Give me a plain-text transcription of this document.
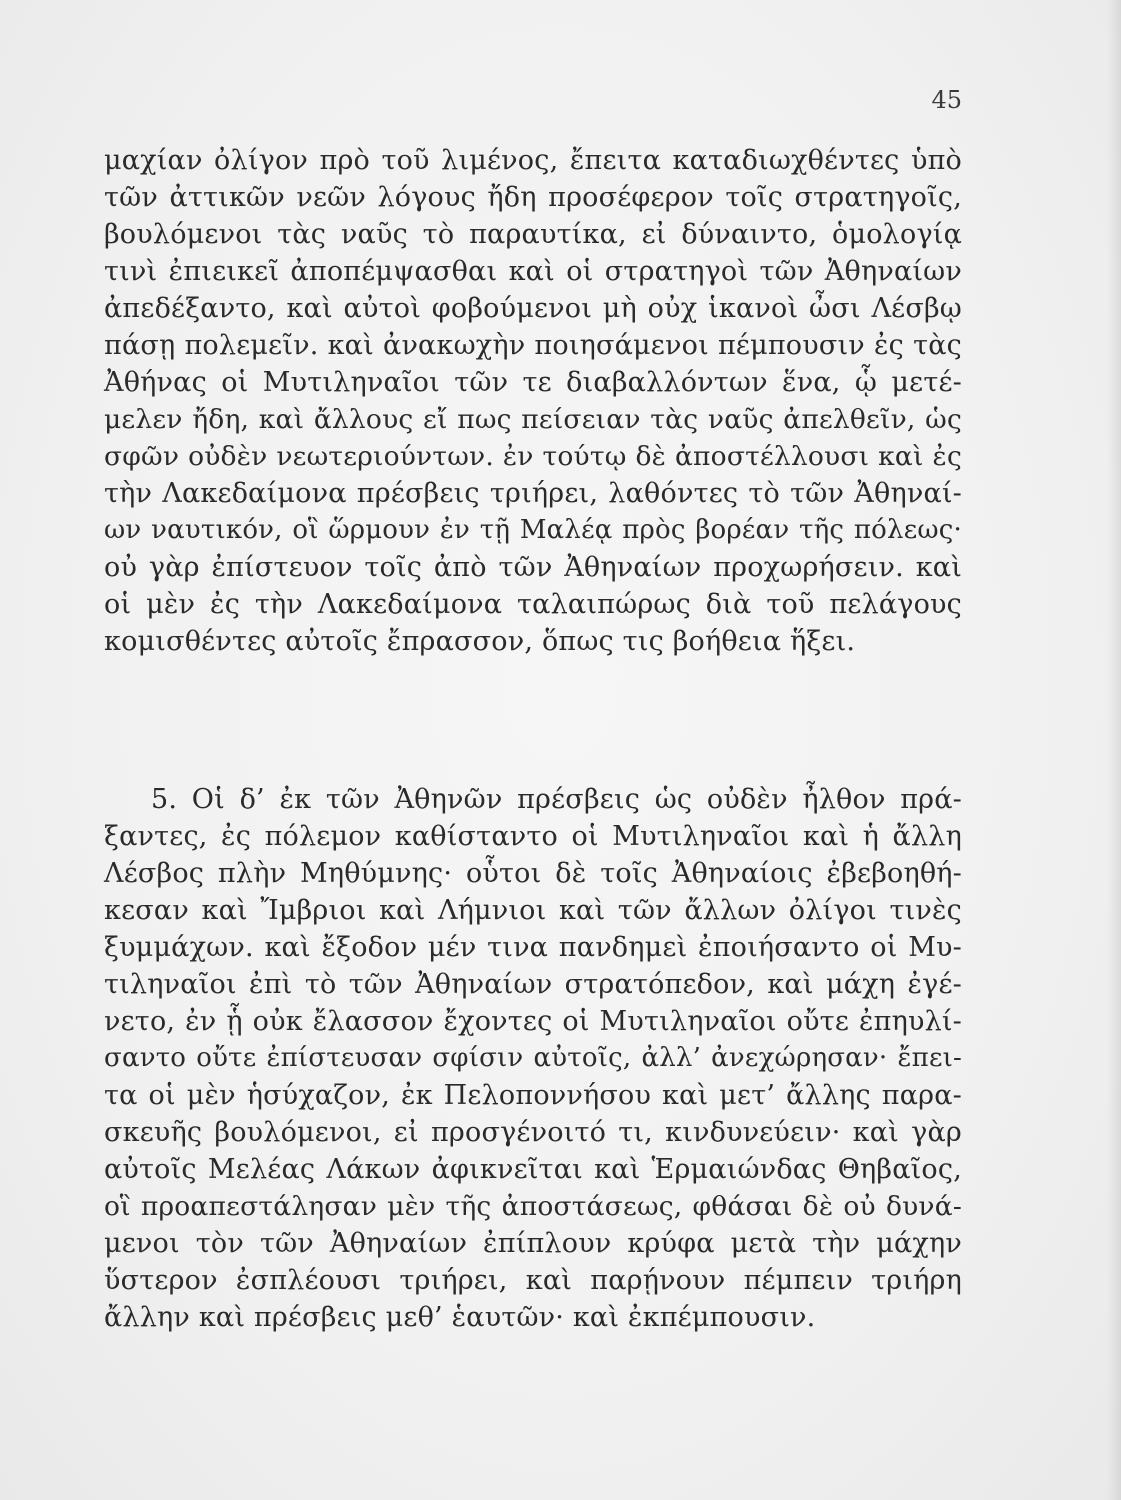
45

μαχίαν ὀλίγον πρὸ τοῦ λιμένος, ἔπειτα καταδιωχθέντες ὑπὸ

τῶν ἀττικῶν νεῶν λόγους ἤδη προσέφερον τοῖς στρατηγοῖς,

βουλόμενοι τὰς ναῦς τὸ παραυτίκα, εἰ δύναιντο, ὁμολογίᾳ

τινὶ ἐπιεικεῖ ἀποπέμψασθαι καὶ οἱ στρατηγοὶ τῶν Ἀθηναίων

ἀπεδέξαντο, καὶ αὐτοὶ φοβούμενοι μὴ οὐχ ἱκανοὶ ὦσι Λέσβῳ

πάσῃ πολεμεῖν. καὶ ἀνακωχὴν ποιησάμενοι πέμπουσιν ἐς τὰς

Ἀθήνας οἱ Μυτιληναῖοι τῶν τε διαβαλλόντων ἕνα, ᾧ μετέ-

μελεν ἤδη, καὶ ἄλλους εἴ πως πείσειαν τὰς ναῦς ἀπελθεῖν, ὡς

σφῶν οὐδὲν νεωτεριούντων. ἐν τούτῳ δὲ ἀποστέλλουσι καὶ ἐς

τὴν Λακεδαίμονα πρέσβεις τριήρει, λαθόντες τὸ τῶν Ἀθηναί-

ων ναυτικόν, οἳ ὥρμουν ἐν τῇ Μαλέᾳ πρὸς βορέαν τῆς πόλεως·

οὐ γὰρ ἐπίστευον τοῖς ἀπὸ τῶν Ἀθηναίων προχωρήσειν. καὶ

οἱ μὲν ἐς τὴν Λακεδαίμονα ταλαιπώρως διὰ τοῦ πελάγους

κομισθέντες αὐτοῖς ἔπρασσον, ὅπως τις βοήθεια ἥξει.

5. Οἱ δ’ ἐκ τῶν Ἀθηνῶν πρέσβεις ὡς οὐδὲν ἦλθον πρά-

ξαντες, ἐς πόλεμον καθίσταντο οἱ Μυτιληναῖοι καὶ ἡ ἄλλη

Λέσβος πλὴν Μηθύμνης· οὗτοι δὲ τοῖς Ἀθηναίοις ἐβεβοηθή-

κεσαν καὶ Ἴμβριοι καὶ Λήμνιοι καὶ τῶν ἄλλων ὀλίγοι τινὲς

ξυμμάχων. καὶ ἔξοδον μέν τινα πανδημεὶ ἐποιήσαντο οἱ Μυ-

τιληναῖοι ἐπὶ τὸ τῶν Ἀθηναίων στρατόπεδον, καὶ μάχη ἐγέ-

νετο, ἐν ᾗ οὐκ ἔλασσον ἔχοντες οἱ Μυτιληναῖοι οὔτε ἐπηυλί-

σαντο οὔτε ἐπίστευσαν σφίσιν αὐτοῖς, ἀλλ’ ἀνεχώρησαν· ἔπει-

τα οἱ μὲν ἡσύχαζον, ἐκ Πελοποννήσου καὶ μετ’ ἄλλης παρα-

σκευῆς βουλόμενοι, εἰ προσγένοιτό τι, κινδυνεύειν· καὶ γὰρ

αὐτοῖς Μελέας Λάκων ἀφικνεῖται καὶ Ἑρμαιώνδας Θηβαῖος,

οἳ προαπεστάλησαν μὲν τῆς ἀποστάσεως, φθάσαι δὲ οὐ δυνά-

μενοι τὸν τῶν Ἀθηναίων ἐπίπλουν κρύφα μετὰ τὴν μάχην

ὕστερον ἐσπλέουσι τριήρει, καὶ παρῄνουν πέμπειν τριήρη

ἄλλην καὶ πρέσβεις μεθ’ ἑαυτῶν· καὶ ἐκπέμπουσιν.
